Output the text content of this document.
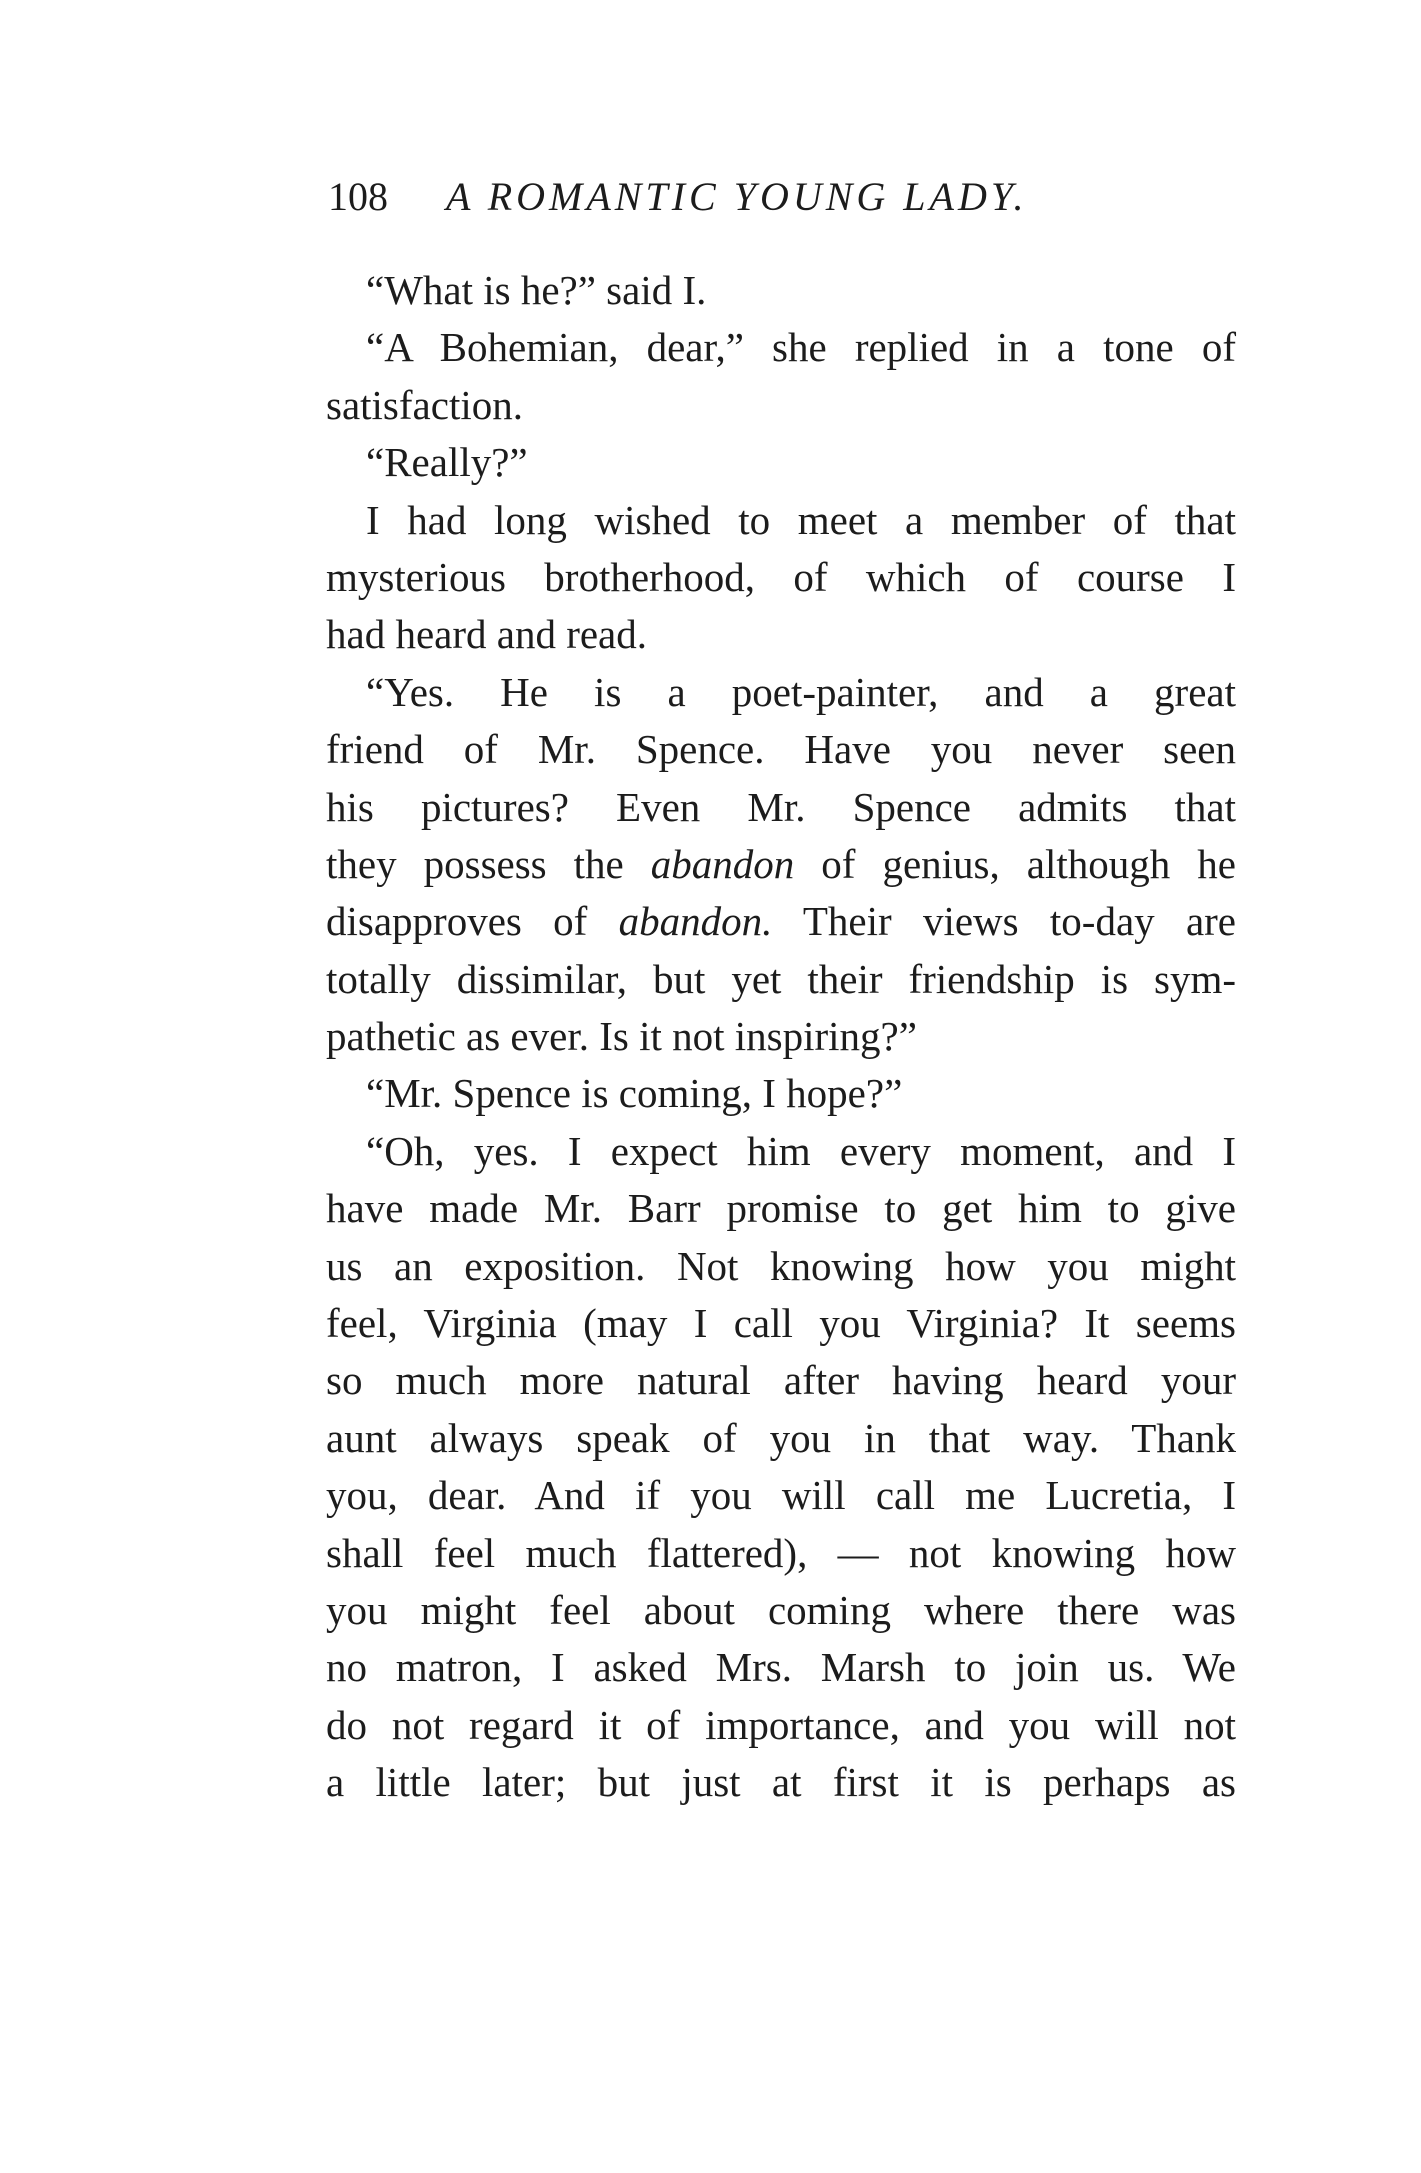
108 A ROMANTIC YOUNG LADY.
“What is he?” said I.
“A Bohemian, dear,” she replied in a tone of
satisfaction.
“Really?”
I had long wished to meet a member of that
mysterious brotherhood, of which of course I
had heard and read.
“Yes. He is a poet-painter, and a great
friend of Mr. Spence. Have you never seen
his pictures? Even Mr. Spence admits that
they possess the abandon of genius, although he
disapproves of abandon. Their views to-day are
totally dissimilar, but yet their friendship is sym-
pathetic as ever. Is it not inspiring?”
“Mr. Spence is coming, I hope?”
“Oh, yes. I expect him every moment, and I
have made Mr. Barr promise to get him to give
us an exposition. Not knowing how you might
feel, Virginia (may I call you Virginia? It seems
so much more natural after having heard your
aunt always speak of you in that way. Thank
you, dear. And if you will call me Lucretia, I
shall feel much flattered), — not knowing how
you might feel about coming where there was
no matron, I asked Mrs. Marsh to join us. We
do not regard it of importance, and you will not
a little later; but just at first it is perhaps as
